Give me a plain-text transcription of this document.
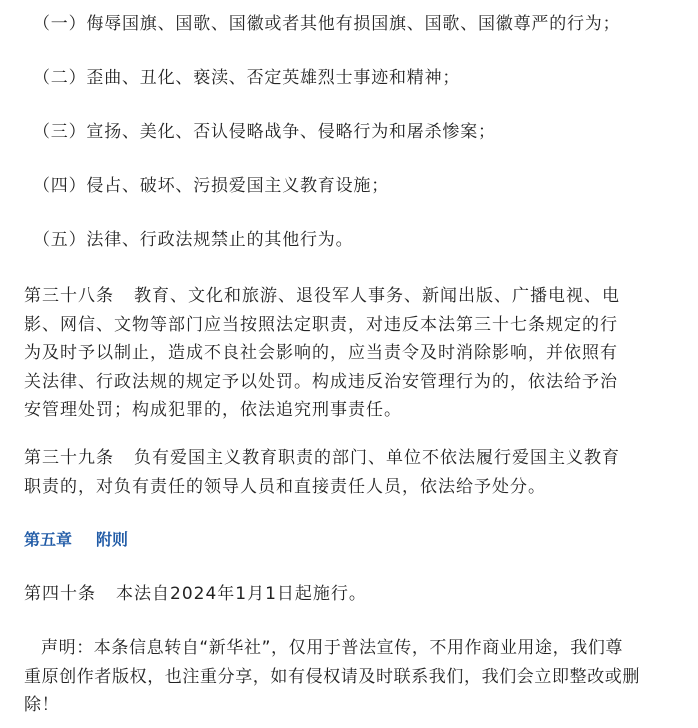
（一）侮辱国旗、国歌、国徽或者其他有损国旗、国歌、国徽尊严的行为；
（二）歪曲、丑化、亵渎、否定英雄烈士事迹和精神；
（三）宣扬、美化、否认侵略战争、侵略行为和屠杀惨案；
（四）侵占、破坏、污损爱国主义教育设施；
（五）法律、行政法规禁止的其他行为。
第三十八条 教育、文化和旅游、退役军人事务、新闻出版、广播电视、电
影、网信、文物等部门应当按照法定职责，对违反本法第三十七条规定的行
为及时予以制止，造成不良社会影响的，应当责令及时消除影响，并依照有
关法律、行政法规的规定予以处罚。构成违反治安管理行为的，依法给予治
安管理处罚；构成犯罪的，依法追究刑事责任。
第三十九条 负有爱国主义教育职责的部门、单位不依法履行爱国主义教育
职责的，对负有责任的领导人员和直接责任人员，依法给予处分。
第五章 附则
第四十条 本法自2024年1月1日起施行。
声明：本条信息转自“新华社”，仅用于普法宣传，不用作商业用途，我们尊
重原创作者版权，也注重分享，如有侵权请及时联系我们，我们会立即整改或删
除！
